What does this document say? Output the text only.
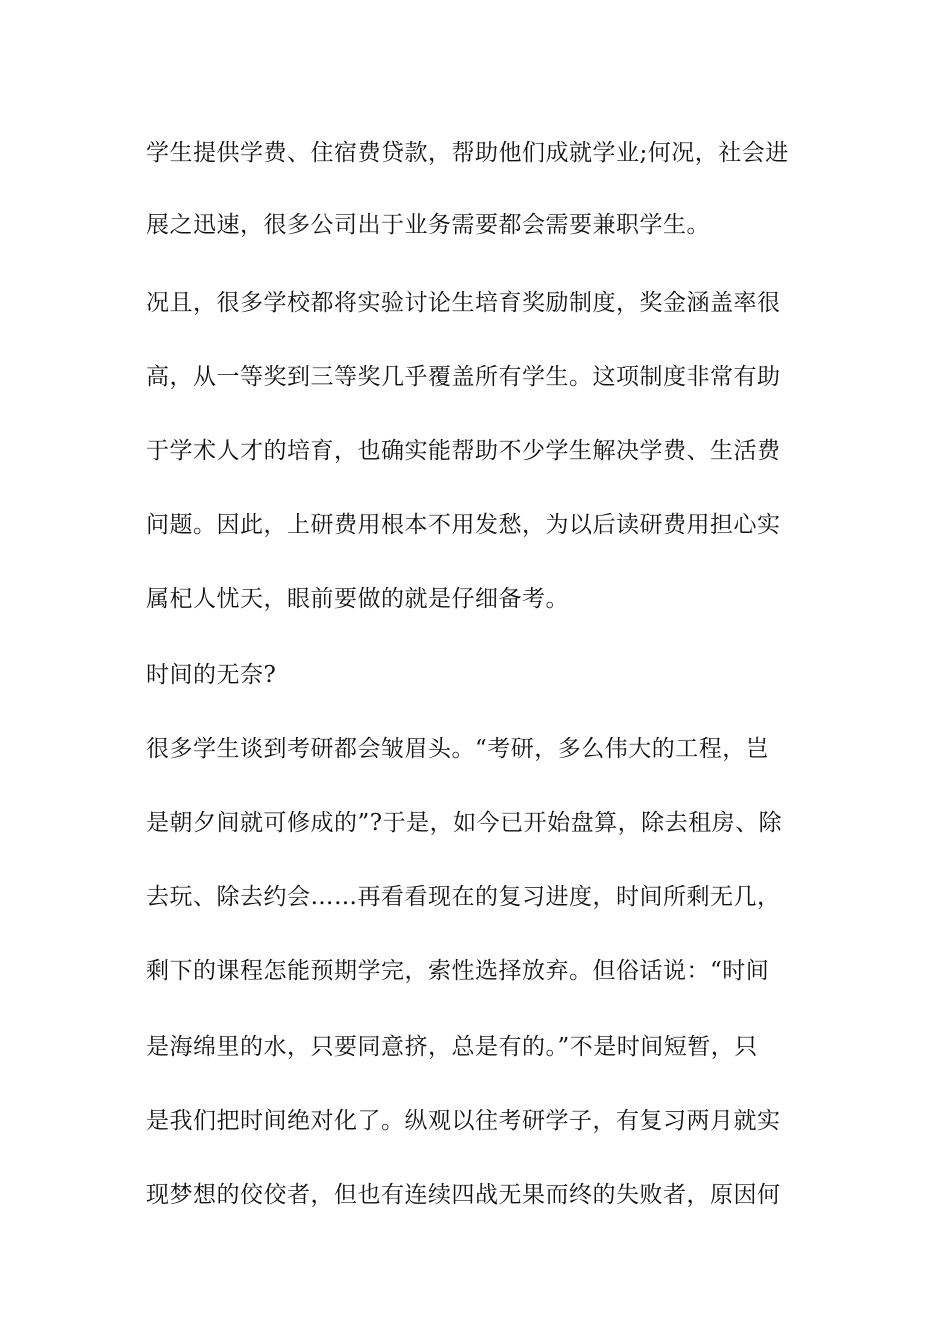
学生提供学费、住宿费贷款，帮助他们成就学业;何况，社会进
展之迅速，很多公司出于业务需要都会需要兼职学生。
况且，很多学校都将实验讨论生培育奖励制度，奖金涵盖率很
高，从一等奖到三等奖几乎覆盖所有学生。这项制度非常有助
于学术人才的培育，也确实能帮助不少学生解决学费、生活费
问题。因此，上研费用根本不用发愁，为以后读研费用担心实
属杞人忧天，眼前要做的就是仔细备考。
时间的无奈?
很多学生谈到考研都会皱眉头。“考研，多么伟大的工程，岂
是朝夕间就可修成的”?于是，如今已开始盘算，除去租房、除
去玩、除去约会……再看看现在的复习进度，时间所剩无几，
剩下的课程怎能预期学完，索性选择放弃。但俗话说：“时间
是海绵里的水，只要同意挤，总是有的。”不是时间短暂，只
是我们把时间绝对化了。纵观以往考研学子，有复习两月就实
现梦想的佼佼者，但也有连续四战无果而终的失败者，原因何
